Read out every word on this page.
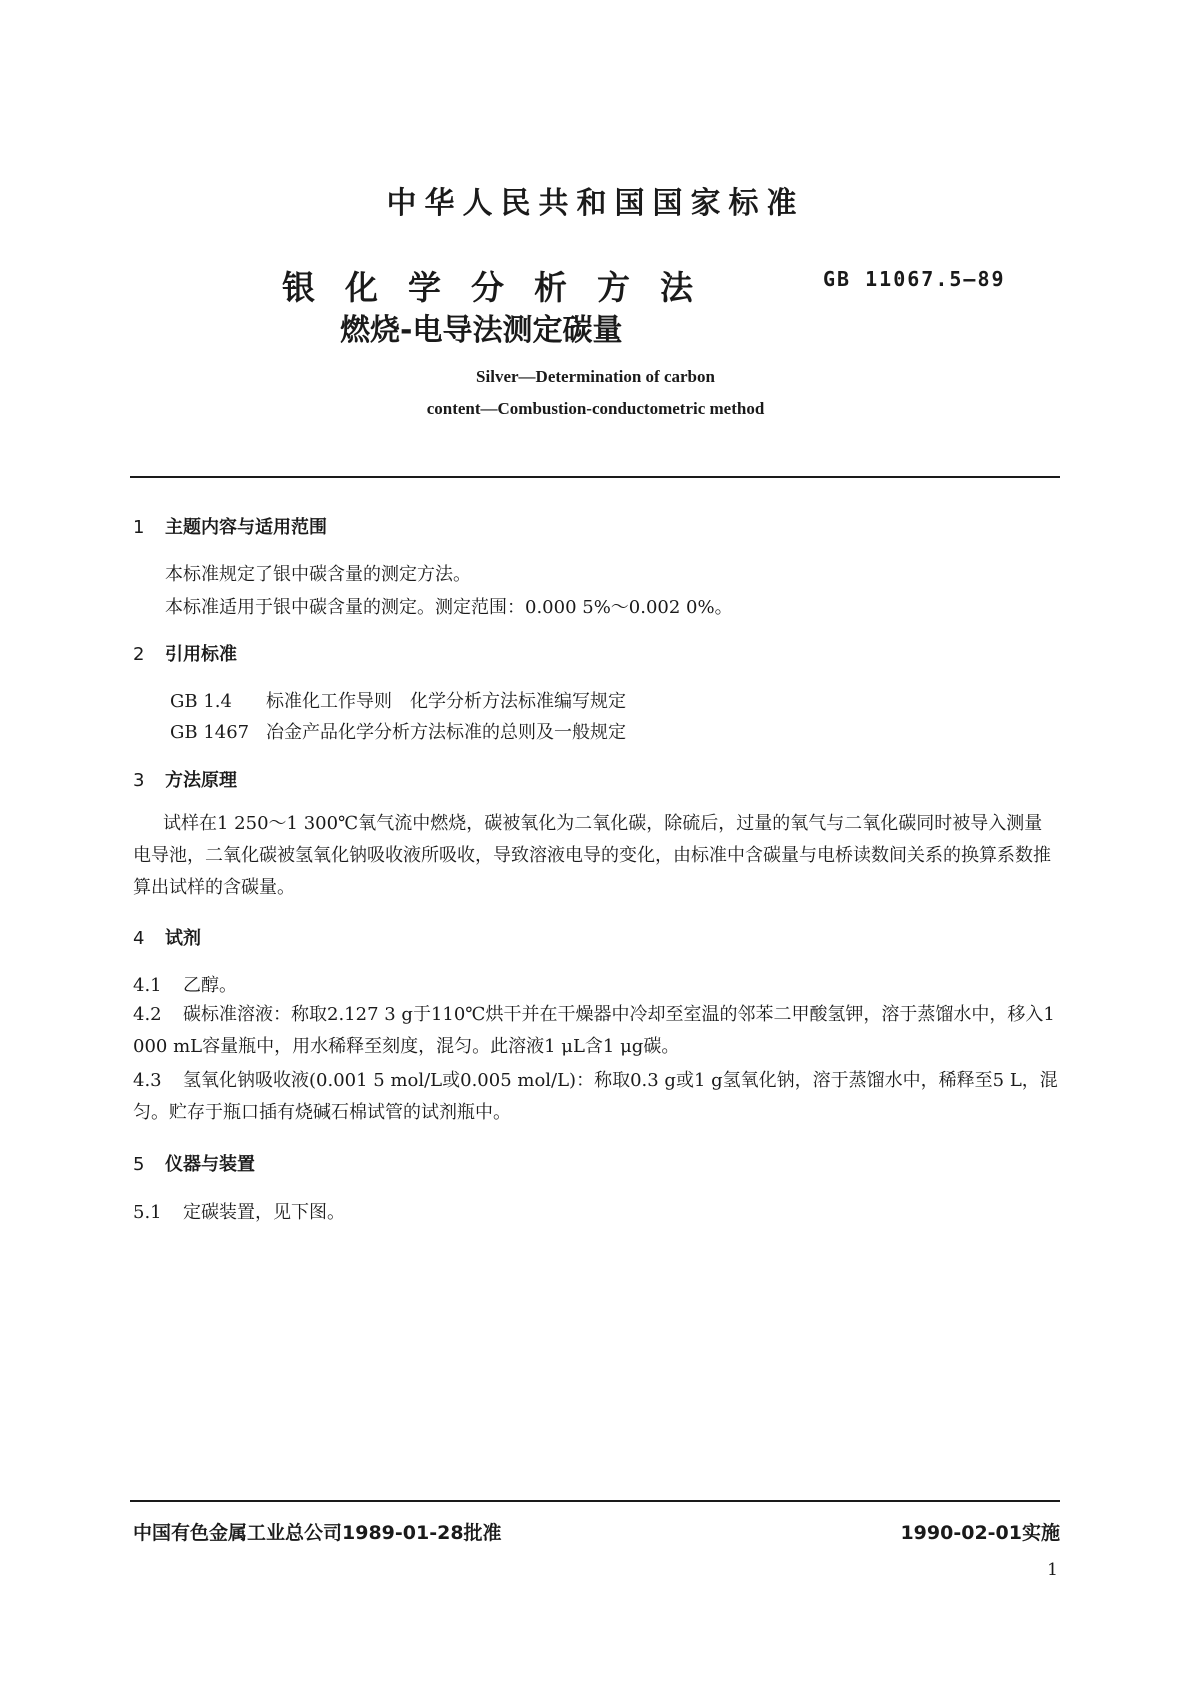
中华人民共和国国家标准
银化学分析方法
燃烧-电导法测定碳量
GB 11067.5—89
Silver—Determination of carbon
content—Combustion-conductometric method
1 主题内容与适用范围
本标准规定了银中碳含量的测定方法。
本标准适用于银中碳含量的测定。测定范围：0.000 5%～0.002 0%。
2 引用标准
GB 1.4 标准化工作导则　化学分析方法标准编写规定
GB 1467 冶金产品化学分析方法标准的总则及一般规定
3 方法原理
试样在1 250～1 300℃氧气流中燃烧，碳被氧化为二氧化碳，除硫后，过量的氧气与二氧化碳同时被导入测量电导池，二氧化碳被氢氧化钠吸收液所吸收，导致溶液电导的变化，由标准中含碳量与电桥读数间关系的换算系数推算出试样的含碳量。
4 试剂
4.1 乙醇。
4.2 碳标准溶液：称取2.127 3 g于110℃烘干并在干燥器中冷却至室温的邻苯二甲酸氢钾，溶于蒸馏水中，移入1 000 mL容量瓶中，用水稀释至刻度，混匀。此溶液1 μL含1 μg碳。
4.3 氢氧化钠吸收液(0.001 5 mol/L或0.005 mol/L)：称取0.3 g或1 g氢氧化钠，溶于蒸馏水中，稀释至5 L，混匀。贮存于瓶口插有烧碱石棉试管的试剂瓶中。
5 仪器与装置
5.1 定碳装置，见下图。
中国有色金属工业总公司1989-01-28批准	1990-02-01实施
1
